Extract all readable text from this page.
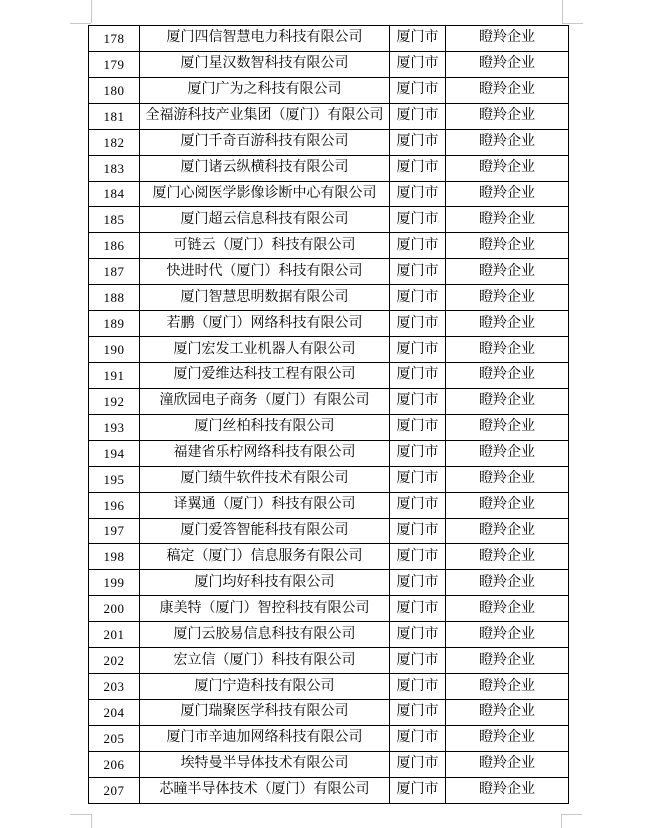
178	厦门四信智慧电力科技有限公司	厦门市	瞪羚企业
179	厦门星汉数智科技有限公司	厦门市	瞪羚企业
180	厦门广为之科技有限公司	厦门市	瞪羚企业
181	全福游科技产业集团（厦门）有限公司	厦门市	瞪羚企业
182	厦门千奇百游科技有限公司	厦门市	瞪羚企业
183	厦门诸云纵横科技有限公司	厦门市	瞪羚企业
184	厦门心阅医学影像诊断中心有限公司	厦门市	瞪羚企业
185	厦门超云信息科技有限公司	厦门市	瞪羚企业
186	可链云（厦门）科技有限公司	厦门市	瞪羚企业
187	快进时代（厦门）科技有限公司	厦门市	瞪羚企业
188	厦门智慧思明数据有限公司	厦门市	瞪羚企业
189	若鹏（厦门）网络科技有限公司	厦门市	瞪羚企业
190	厦门宏发工业机器人有限公司	厦门市	瞪羚企业
191	厦门爱维达科技工程有限公司	厦门市	瞪羚企业
192	潼欣园电子商务（厦门）有限公司	厦门市	瞪羚企业
193	厦门丝柏科技有限公司	厦门市	瞪羚企业
194	福建省乐柠网络科技有限公司	厦门市	瞪羚企业
195	厦门绩牛软件技术有限公司	厦门市	瞪羚企业
196	译翼通（厦门）科技有限公司	厦门市	瞪羚企业
197	厦门爱答智能科技有限公司	厦门市	瞪羚企业
198	稿定（厦门）信息服务有限公司	厦门市	瞪羚企业
199	厦门均好科技有限公司	厦门市	瞪羚企业
200	康美特（厦门）智控科技有限公司	厦门市	瞪羚企业
201	厦门云胶易信息科技有限公司	厦门市	瞪羚企业
202	宏立信（厦门）科技有限公司	厦门市	瞪羚企业
203	厦门宁造科技有限公司	厦门市	瞪羚企业
204	厦门瑞聚医学科技有限公司	厦门市	瞪羚企业
205	厦门市辛迪加网络科技有限公司	厦门市	瞪羚企业
206	埃特曼半导体技术有限公司	厦门市	瞪羚企业
207	芯瞳半导体技术（厦门）有限公司	厦门市	瞪羚企业
